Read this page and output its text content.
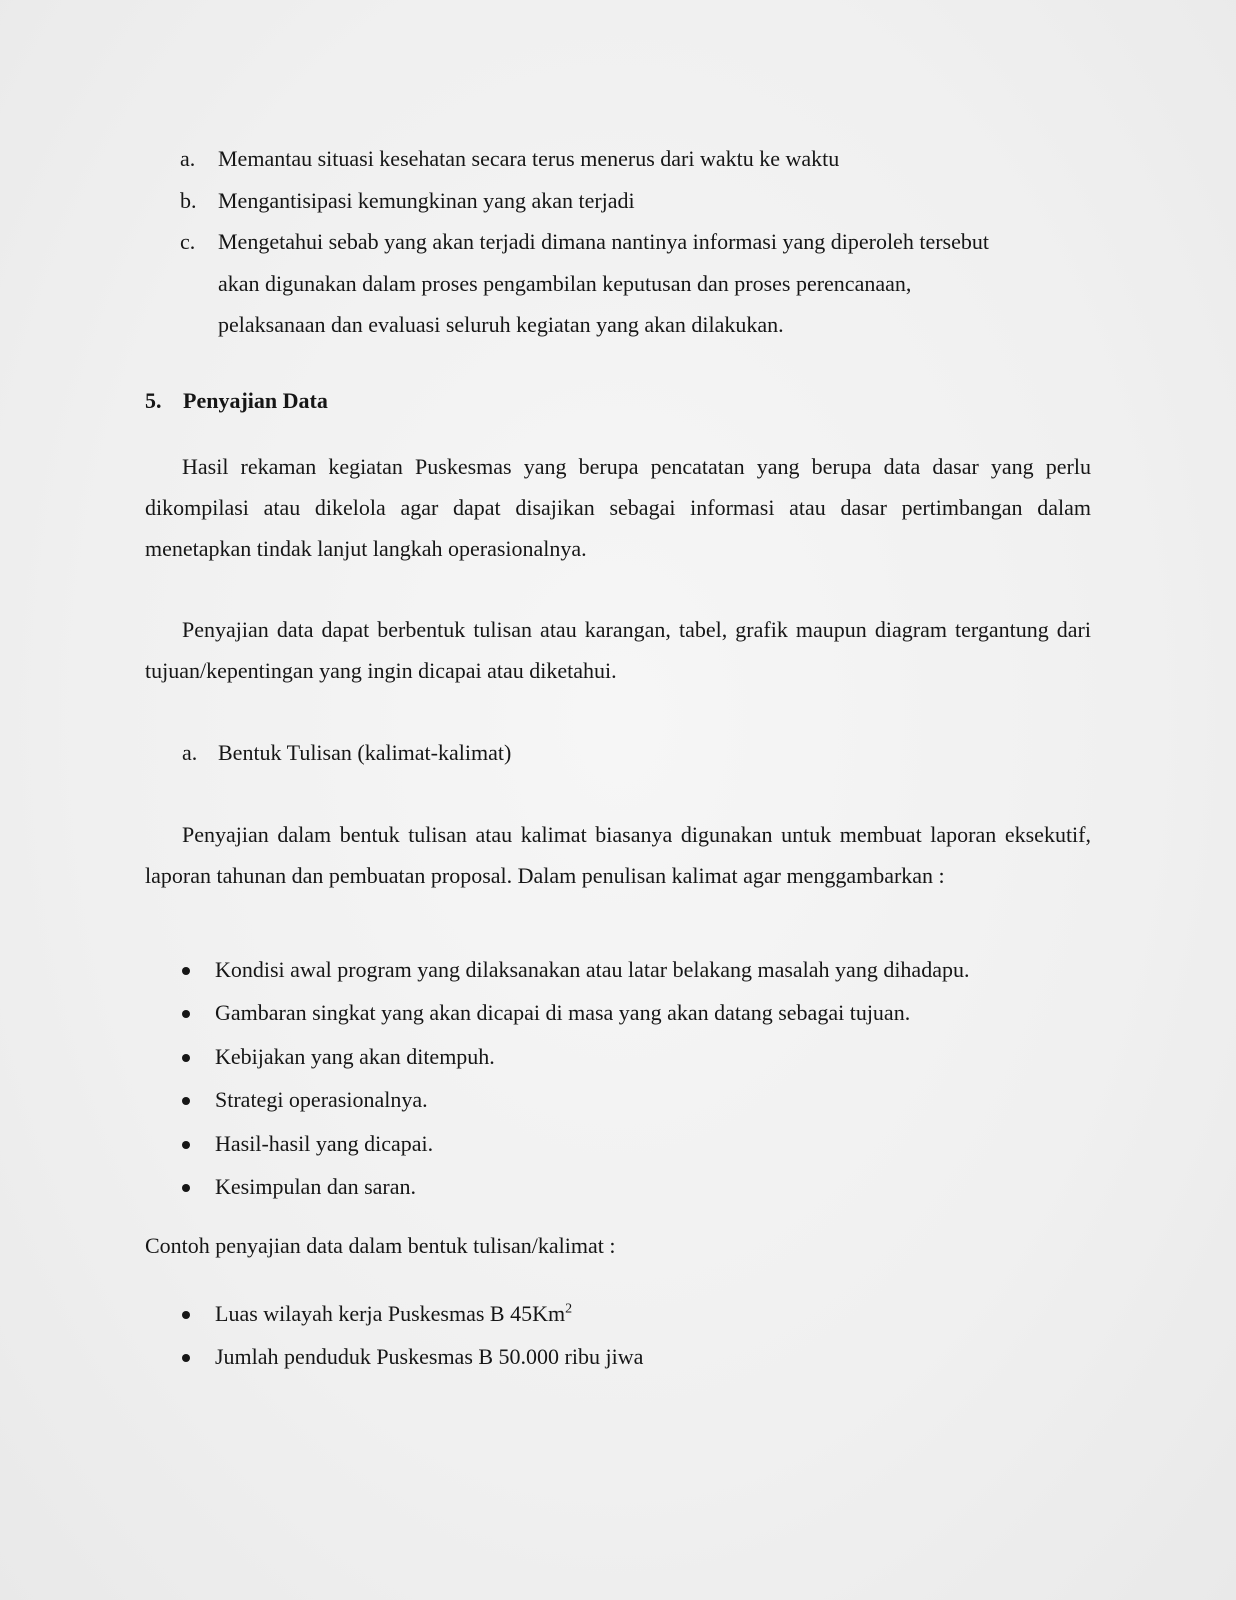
a.	Memantau situasi kesehatan secara terus menerus dari waktu ke waktu
b. Mengantisipasi kemungkinan yang akan terjadi
c.	Mengetahui sebab yang akan terjadi dimana nantinya informasi yang diperoleh tersebut
akan digunakan dalam proses pengambilan keputusan dan proses perencanaan,
pelaksanaan dan evaluasi seluruh kegiatan yang akan dilakukan.
5. Penyajian Data

Hasil rekaman kegiatan Puskesmas yang berupa pencatatan yang berupa data dasar yang perlu dikompilasi atau dikelola agar dapat disajikan sebagai informasi atau dasar pertimbangan dalam menetapkan tindak lanjut langkah operasionalnya.

Penyajian data dapat berbentuk tulisan atau karangan, tabel, grafik maupun diagram tergantung dari tujuan/kepentingan yang ingin dicapai atau diketahui.

a. Bentuk Tulisan (kalimat-kalimat)

Penyajian dalam bentuk tulisan atau kalimat biasanya digunakan untuk membuat laporan eksekutif, laporan tahunan dan pembuatan proposal. Dalam penulisan kalimat agar menggambarkan :

Kondisi awal program yang dilaksanakan atau latar belakang masalah yang dihadapu.
Gambaran singkat yang akan dicapai di masa yang akan datang sebagai tujuan.
Kebijakan yang akan ditempuh.
Strategi operasionalnya.
Hasil-hasil yang dicapai.
Kesimpulan dan saran.

Contoh penyajian data dalam bentuk tulisan/kalimat :

Luas wilayah kerja Puskesmas B 45Km$^2$
Jumlah penduduk Puskesmas B 50.000 ribu jiwa
